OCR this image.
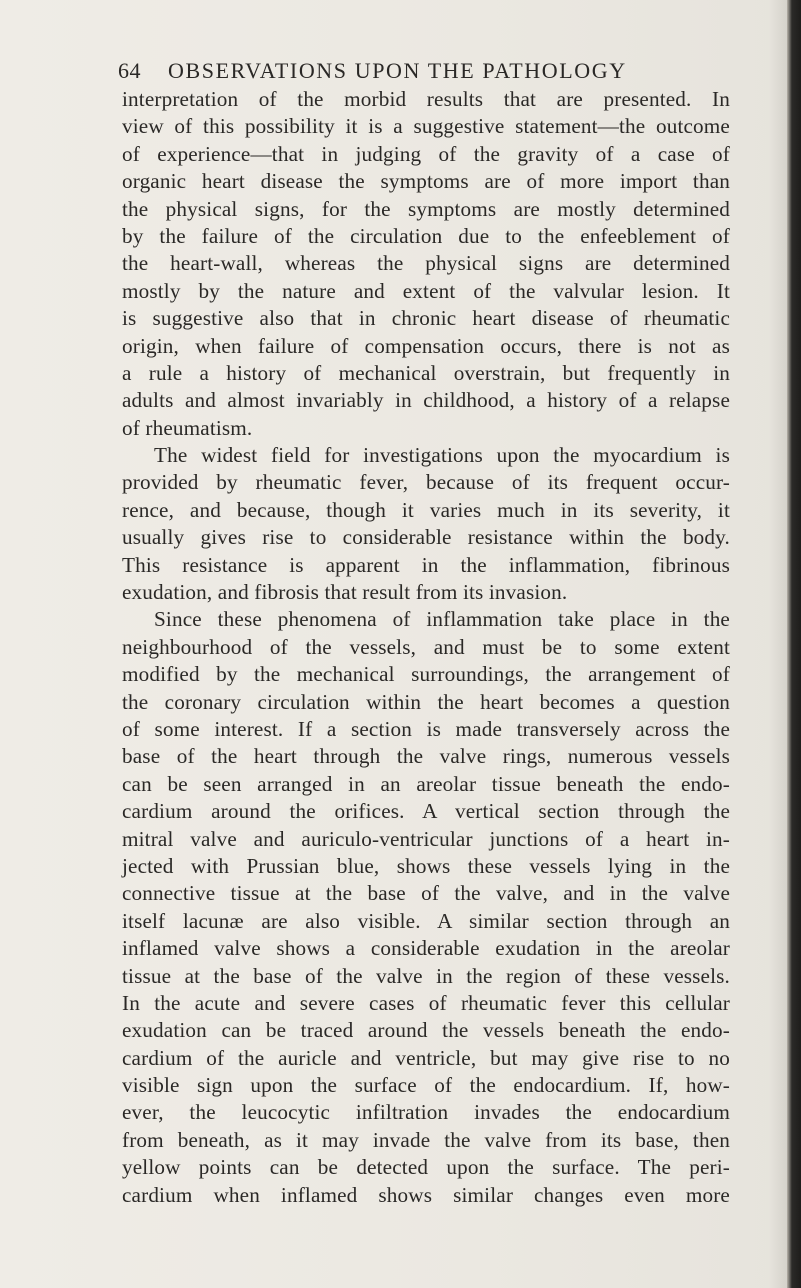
64 OBSERVATIONS UPON THE PATHOLOGY
interpretation of the morbid results that are presented. In
view of this possibility it is a suggestive statement—the outcome
of experience—that in judging of the gravity of a case of
organic heart disease the symptoms are of more import than
the physical signs, for the symptoms are mostly determined
by the failure of the circulation due to the enfeeblement of
the heart-wall, whereas the physical signs are determined
mostly by the nature and extent of the valvular lesion. It
is suggestive also that in chronic heart disease of rheumatic
origin, when failure of compensation occurs, there is not as
a rule a history of mechanical overstrain, but frequently in
adults and almost invariably in childhood, a history of a relapse
of rheumatism.
The widest field for investigations upon the myocardium is
provided by rheumatic fever, because of its frequent occur-
rence, and because, though it varies much in its severity, it
usually gives rise to considerable resistance within the body.
This resistance is apparent in the inflammation, fibrinous
exudation, and fibrosis that result from its invasion.
Since these phenomena of inflammation take place in the
neighbourhood of the vessels, and must be to some extent
modified by the mechanical surroundings, the arrangement of
the coronary circulation within the heart becomes a question
of some interest. If a section is made transversely across the
base of the heart through the valve rings, numerous vessels
can be seen arranged in an areolar tissue beneath the endo-
cardium around the orifices. A vertical section through the
mitral valve and auriculo-ventricular junctions of a heart in-
jected with Prussian blue, shows these vessels lying in the
connective tissue at the base of the valve, and in the valve
itself lacunæ are also visible. A similar section through an
inflamed valve shows a considerable exudation in the areolar
tissue at the base of the valve in the region of these vessels.
In the acute and severe cases of rheumatic fever this cellular
exudation can be traced around the vessels beneath the endo-
cardium of the auricle and ventricle, but may give rise to no
visible sign upon the surface of the endocardium. If, how-
ever, the leucocytic infiltration invades the endocardium
from beneath, as it may invade the valve from its base, then
yellow points can be detected upon the surface. The peri-
cardium when inflamed shows similar changes even more
